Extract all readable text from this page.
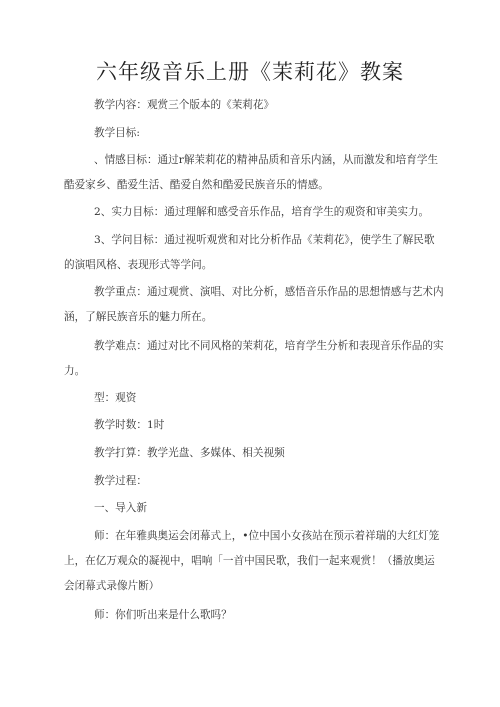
六年级音乐上册《茉莉花》教案
教学内容：观赏三个版本的《茉莉花》
教学目标:
、情感目标：通过r解茉莉花的精神品质和音乐内涵，从而激发和培育学生
酷爱家乡、酷爱生活、酷爱自然和酷爱民族音乐的情感。
2、实力目标：通过理解和感受音乐作品，培育学生的观资和审美实力。
3、学问目标：通过视听观赏和对比分析作品《茉莉花》，使学生了解民歌
的演唱风格、表现形式等学问。
教学重点：通过观赏、演唱、对比分析，感悟音乐作品的思想情感与艺术内
涵，了解民族音乐的魅力所在。
教学难点：通过对比不同风格的茉莉花，培育学生分析和表现音乐作品的实
力。
型：观资
教学时数：1时
教学打算：教学光盘、多媒体、相关视频
教学过程：
一、导入新
师：在年雅典奥运会闭幕式上，•位中国小女孩站在预示着祥瑞的大红灯笼
上，在亿万观众的凝视中，唱响「一首中国民歌，我们一起来观赏！（播放奥运
会闭幕式录像片断）
师：你们听出来是什么歌吗？
